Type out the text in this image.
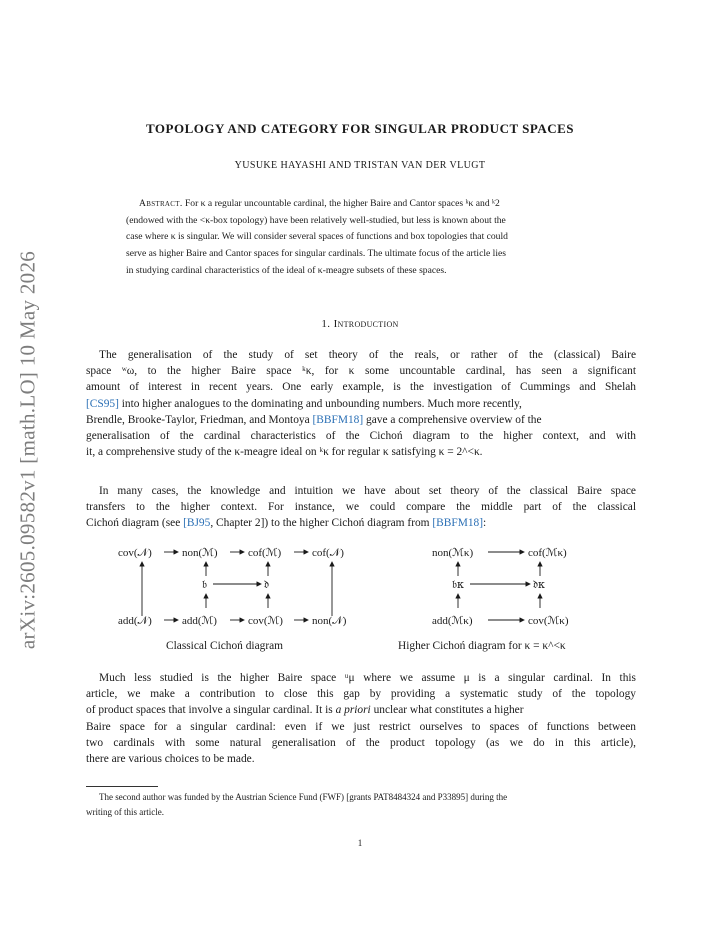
arXiv:2605.09582v1 [math.LO] 10 May 2026
TOPOLOGY AND CATEGORY FOR SINGULAR PRODUCT SPACES
YUSUKE HAYASHI AND TRISTAN VAN DER VLUGT
Abstract. For κ a regular uncountable cardinal, the higher Baire and Cantor spaces ᵏκ and ᵏ2
(endowed with the <κ-box topology) have been relatively well-studied, but less is known about the
case where κ is singular. We will consider several spaces of functions and box topologies that could
serve as higher Baire and Cantor spaces for singular cardinals. The ultimate focus of the article lies
in studying cardinal characteristics of the ideal of κ-meagre subsets of these spaces.
1. Introduction
The generalisation of the study of set theory of the reals, or rather of the (classical) Baire
space ʷω, to the higher Baire space ᵏκ, for κ some uncountable cardinal, has seen a significant
amount of interest in recent years. One early example, is the investigation of Cummings and Shelah
[CS95] into higher analogues to the dominating and unbounding numbers. Much more recently,
Brendle, Brooke-Taylor, Friedman, and Montoya [BBFM18] gave a comprehensive overview of the
generalisation of the cardinal characteristics of the Cichoń diagram to the higher context, and with
it, a comprehensive study of the κ-meagre ideal on ᵏκ for regular κ satisfying κ = 2^<κ.
In many cases, the knowledge and intuition we have about set theory of the classical Baire space
transfers to the higher context. For instance, we could compare the middle part of the classical
Cichoń diagram (see [BJ95, Chapter 2]) to the higher Cichoń diagram from [BBFM18]:
cov(𝒩)	non(ℳ)	cof(ℳ)	cof(𝒩)
𝔟	𝔡
add(𝒩)	add(ℳ)	cov(ℳ)	non(𝒩)
Classical Cichoń diagram
non(ℳκ)	cof(ℳκ)
𝔟κ	𝔡κ
add(ℳκ)	cov(ℳκ)
Higher Cichoń diagram for κ = κ^<κ
Much less studied is the higher Baire space ᵘμ where we assume μ is a singular cardinal. In this
article, we make a contribution to close this gap by providing a systematic study of the topology
of product spaces that involve a singular cardinal. It is a priori unclear what constitutes a higher
Baire space for a singular cardinal: even if we just restrict ourselves to spaces of functions between
two cardinals with some natural generalisation of the product topology (as we do in this article),
there are various choices to be made.
The second author was funded by the Austrian Science Fund (FWF) [grants PAT8484324 and P33895] during the
writing of this article.
1
